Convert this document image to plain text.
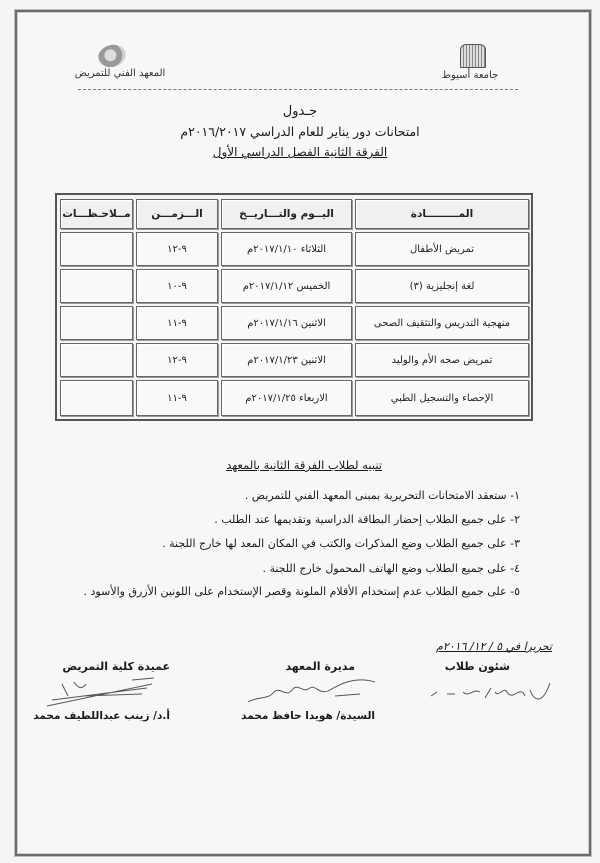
جامعة أسيوط
المعهد الفني للتمريض
جـدول
امتحانات دور يناير للعام الدراسي ٢٠١٦/٢٠١٧م
الفرقة الثانية الفصل الدراسي الأول
المـــــــــادة
اليــوم والتـــاريــخ
الـــزمـــن
مــلاحـظـــات
تمريض الأطفال
الثلاثاء ٢٠١٧/١/١٠م
٩-١٢
لغة إنجليزية (٣)
الخميس ٢٠١٧/١/١٢م
٩-١٠
منهجية التدريس والتثقيف الصحى
الاثنين ٢٠١٧/١/١٦م
٩-١١
تمريض صحه الأم والوليد
الاثنين ٢٠١٧/١/٢٣م
٩-١٢
الإحصاء والتسجيل الطبي
الاربعاء ٢٠١٧/١/٢٥م
٩-١١
تنبيه لطلاب الفرقة الثانية بالمعهد
١- ستعقد الامتحانات التحريرية بمبنى المعهد الفني للتمريض .
٢- على جميع الطلاب إحضار البطاقة الدراسية وتقديمها عند الطلب .
٣- على جميع الطلاب وضع المذكرات والكتب في المكان المعد لها خارج اللجنة .
٤- على جميع الطلاب وضع الهاتف المحمول خارج اللجنة .
٥- على جميع الطلاب عدم إستخدام الأقلام الملونة وقصر الإستخدام على اللونين الأزرق والأسود .
تحريرا في ٥ / ١٢/ ٢٠١٦م
شئون طلاب
مديرة المعهد
السيدة/ هويدا حافظ محمد
عميدة كلية التمريض
أ.د/ زينب عبداللطيف محمد
